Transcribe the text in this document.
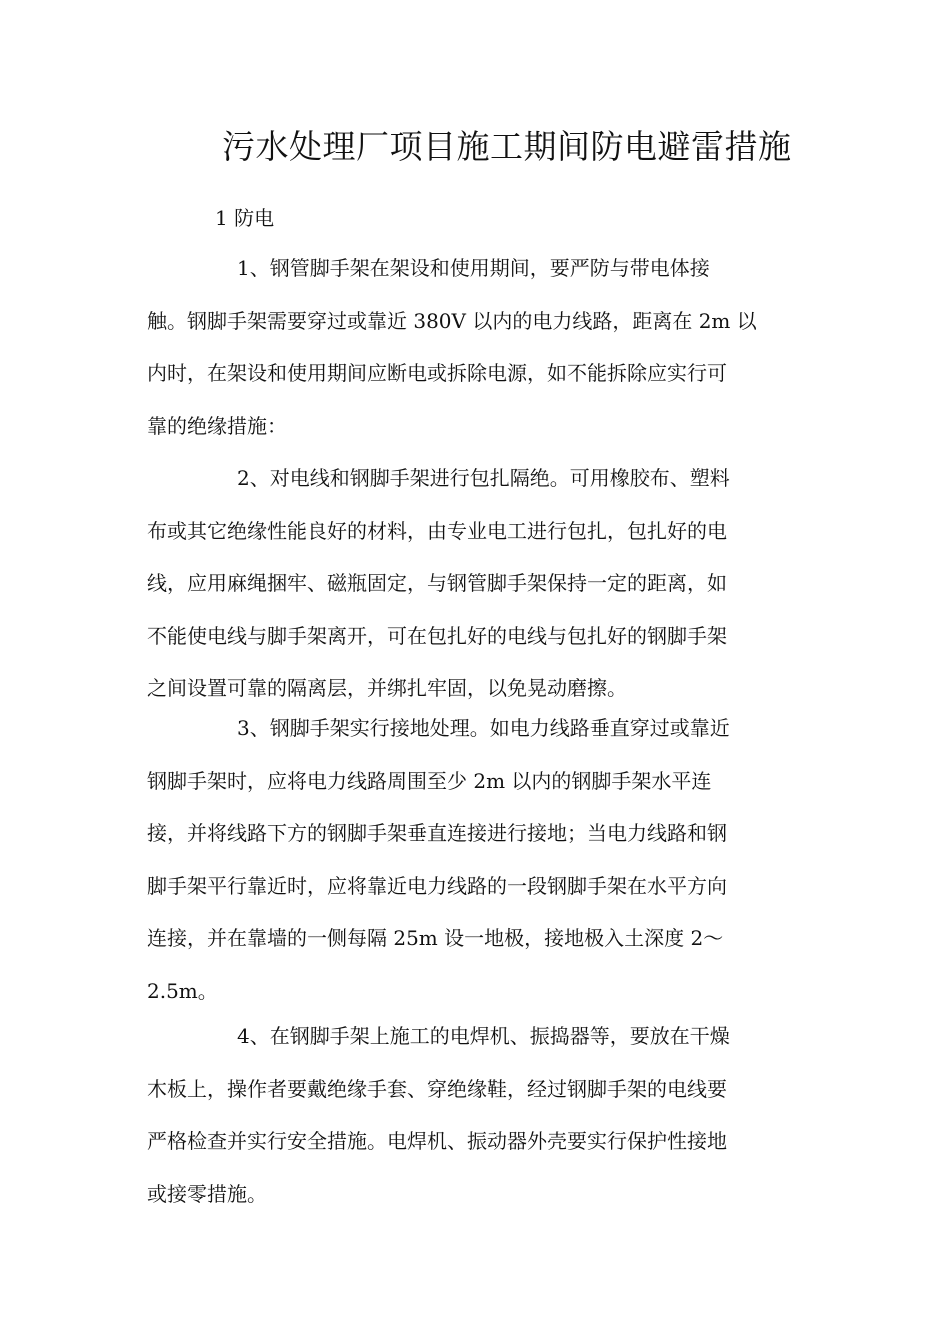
污水处理厂项目施工期间防电避雷措施
1 防电
1、钢管脚手架在架设和使用期间，要严防与带电体接
触。钢脚手架需要穿过或靠近 380V 以内的电力线路，距离在 2m 以
内时，在架设和使用期间应断电或拆除电源，如不能拆除应实行可
靠的绝缘措施：
2、对电线和钢脚手架进行包扎隔绝。可用橡胶布、塑料
布或其它绝缘性能良好的材料，由专业电工进行包扎，包扎好的电
线，应用麻绳捆牢、磁瓶固定，与钢管脚手架保持一定的距离，如
不能使电线与脚手架离开，可在包扎好的电线与包扎好的钢脚手架
之间设置可靠的隔离层，并绑扎牢固，以免晃动磨擦。
3、钢脚手架实行接地处理。如电力线路垂直穿过或靠近
钢脚手架时，应将电力线路周围至少 2m 以内的钢脚手架水平连
接，并将线路下方的钢脚手架垂直连接进行接地；当电力线路和钢
脚手架平行靠近时，应将靠近电力线路的一段钢脚手架在水平方向
连接，并在靠墙的一侧每隔 25m 设一地极，接地极入土深度 2～
2.5m。
4、在钢脚手架上施工的电焊机、振捣器等，要放在干燥
木板上，操作者要戴绝缘手套、穿绝缘鞋，经过钢脚手架的电线要
严格检查并实行安全措施。电焊机、振动器外壳要实行保护性接地
或接零措施。
